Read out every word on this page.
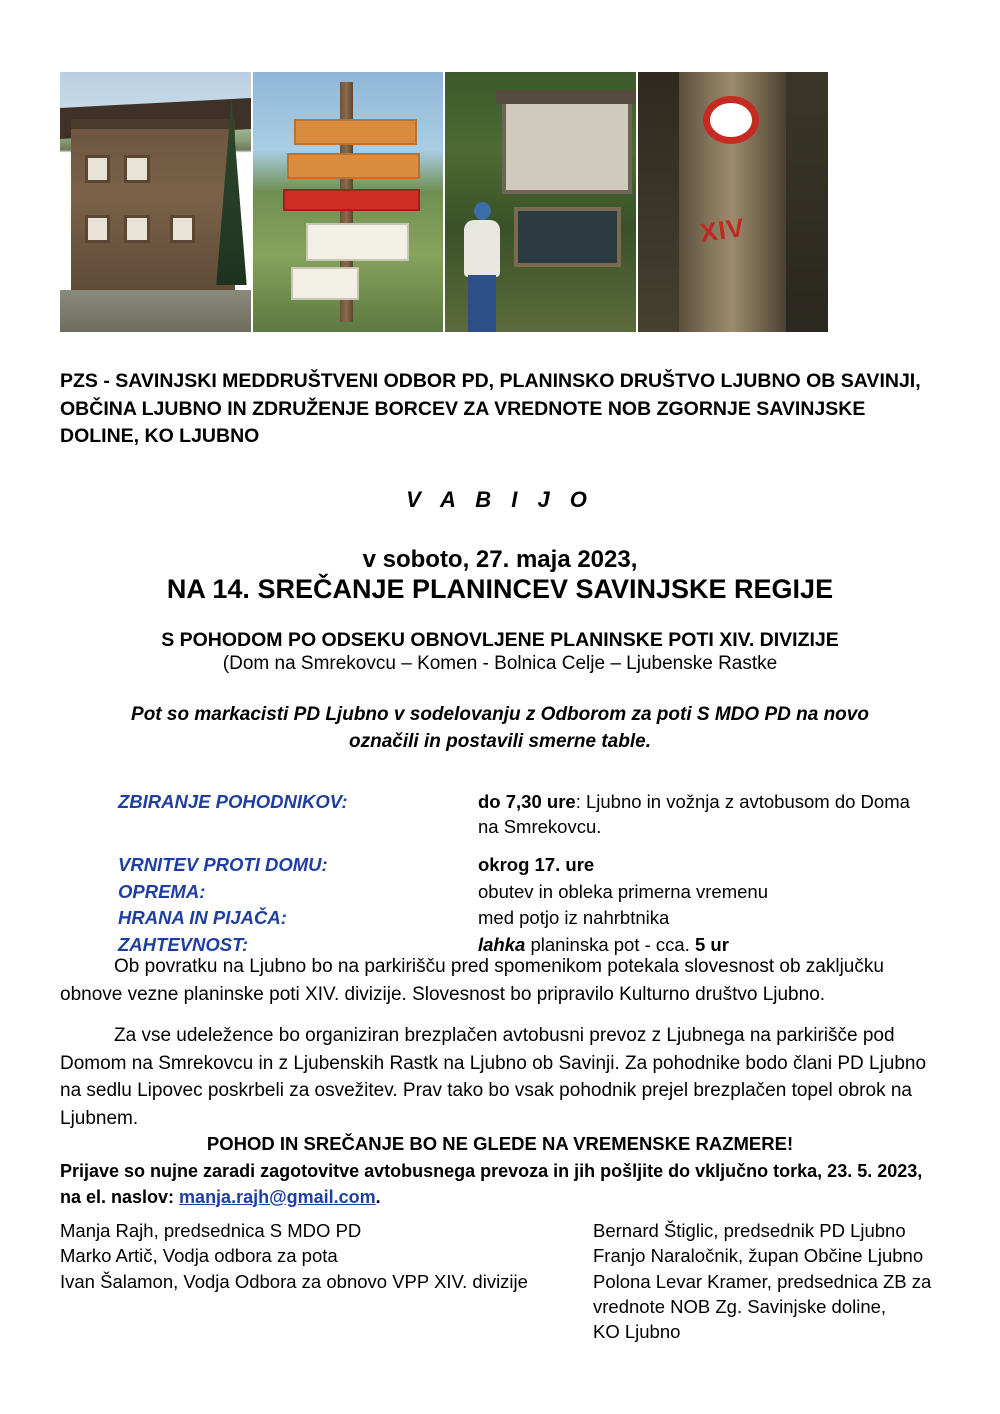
XIV
PZS - SAVINJSKI MEDDRUŠTVENI ODBOR PD, PLANINSKO DRUŠTVO LJUBNO OB SAVINJI, OBČINA LJUBNO IN ZDRUŽENJE BORCEV ZA VREDNOTE NOB ZGORNJE SAVINJSKE DOLINE, KO LJUBNO
V A B I J O
v soboto, 27. maja 2023,
NA 14. SREČANJE PLANINCEV SAVINJSKE REGIJE
S POHODOM PO ODSEKU OBNOVLJENE PLANINSKE POTI XIV. DIVIZIJE
(Dom na Smrekovcu – Komen - Bolnica Celje – Ljubenske Rastke
Pot so markacisti PD Ljubno v sodelovanju z Odborom za poti S MDO PD na novo označili in postavili smerne table.
ZBIRANJE POHODNIKOV:	do 7,30 ure: Ljubno in vožnja z avtobusom do Doma na Smrekovcu.
VRNITEV PROTI DOMU:	okrog 17. ure
OPREMA:	obutev in obleka primerna vremenu
HRANA IN PIJAČA:	med potjo iz nahrbtnika
ZAHTEVNOST:	lahka planinska pot - cca. 5 ur
Ob povratku na Ljubno bo na parkirišču pred spomenikom potekala slovesnost ob zaključku obnove vezne planinske poti XIV. divizije. Slovesnost bo pripravilo Kulturno društvo Ljubno.
Za vse udeležence bo organiziran brezplačen avtobusni prevoz z Ljubnega na parkirišče pod Domom na Smrekovcu in z Ljubenskih Rastk na Ljubno ob Savinji. Za pohodnike bodo člani PD Ljubno na sedlu Lipovec poskrbeli za osvežitev. Prav tako bo vsak pohodnik prejel brezplačen topel obrok na Ljubnem.
POHOD IN SREČANJE BO NE GLEDE NA VREMENSKE RAZMERE!
Prijave so nujne zaradi zagotovitve avtobusnega prevoza in jih pošljite do vključno torka, 23. 5. 2023, na el. naslov: manja.rajh@gmail.com.
Manja Rajh, predsednica S MDO PD
Marko Artič, Vodja odbora za pota
Ivan Šalamon, Vodja Odbora za obnovo VPP XIV. divizije
Bernard Štiglic, predsednik PD Ljubno
Franjo Naraločnik, župan Občine Ljubno
Polona Levar Kramer, predsednica ZB za
vrednote NOB Zg. Savinjske doline,
KO Ljubno
